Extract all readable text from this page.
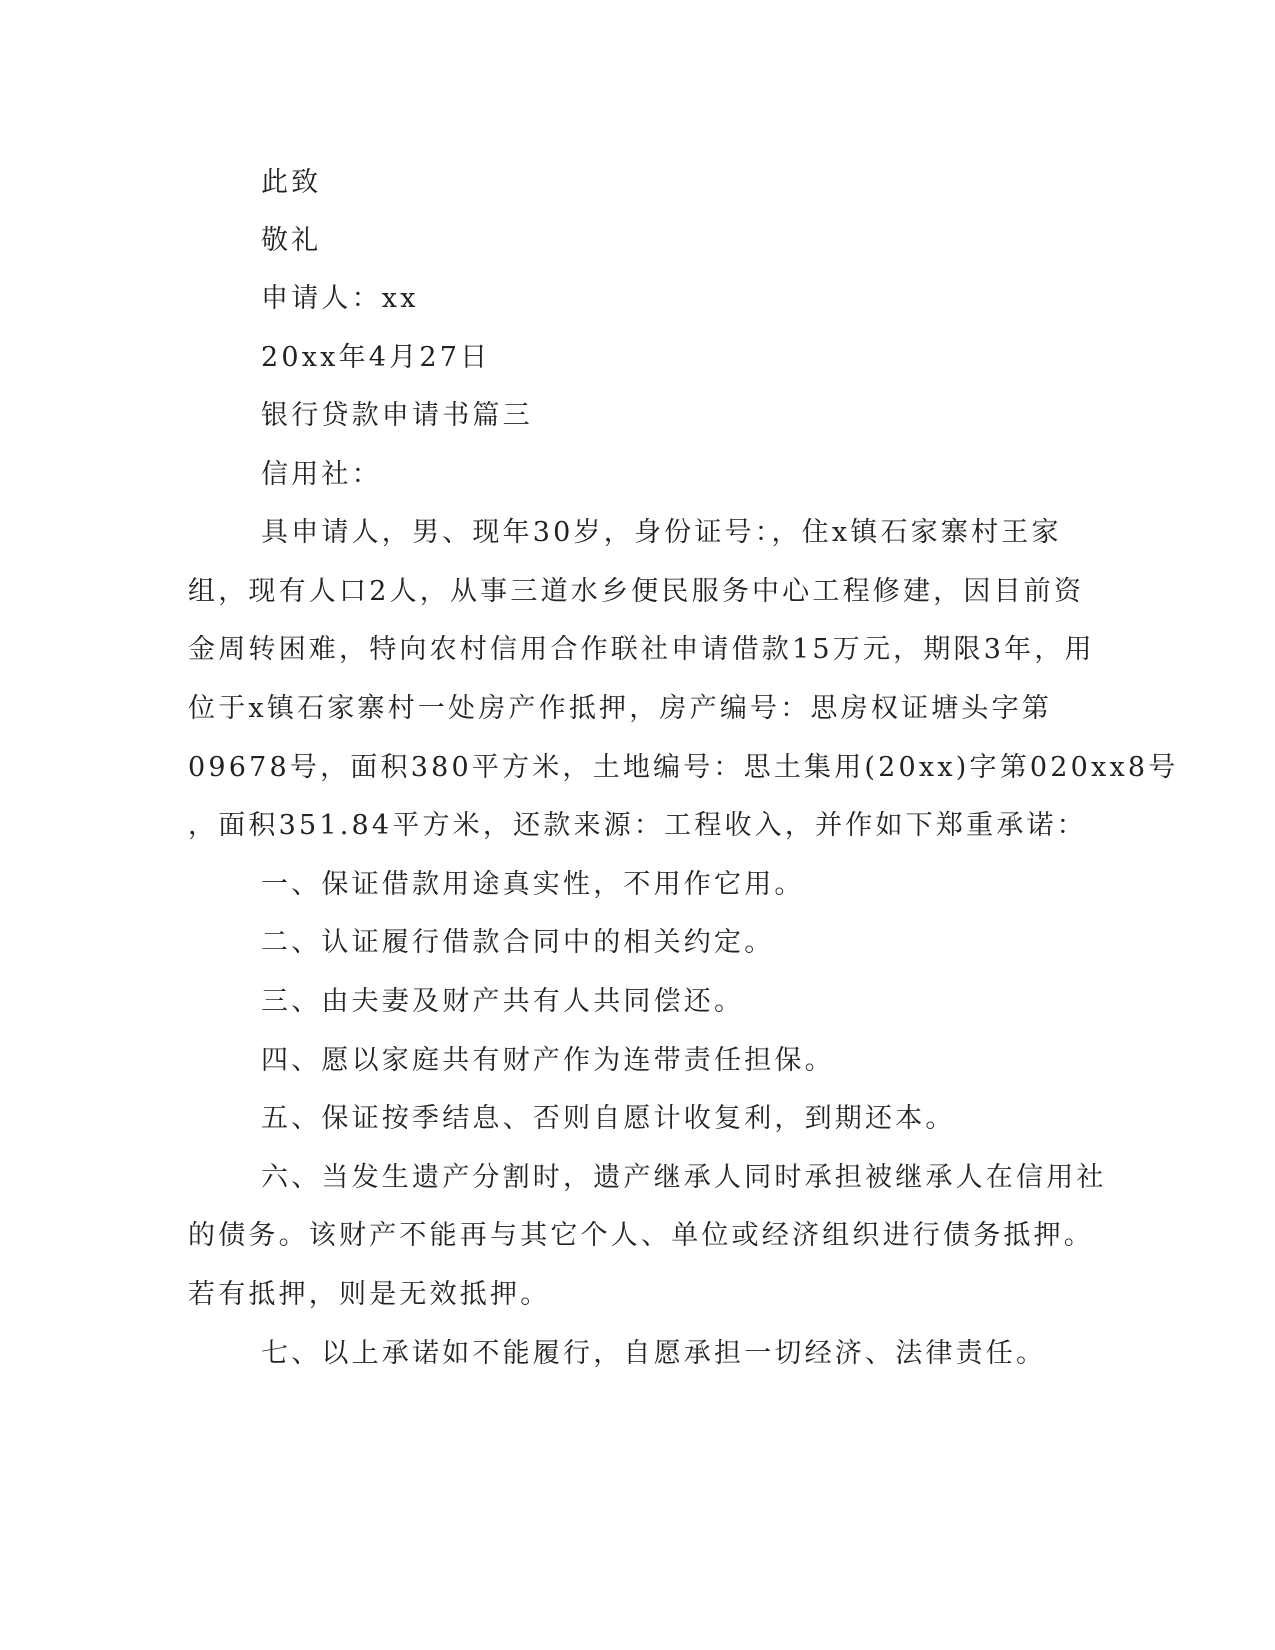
此致
敬礼
申请人：xx
20xx年4月27日
银行贷款申请书篇三
信用社：
具申请人，男、现年30岁，身份证号：，住x镇石家寨村王家
组，现有人口2人，从事三道水乡便民服务中心工程修建，因目前资
金周转困难，特向农村信用合作联社申请借款15万元，期限3年，用
位于x镇石家寨村一处房产作抵押，房产编号：思房权证塘头字第
09678号，面积380平方米，土地编号：思土集用(20xx)字第020xx8号
，面积351.84平方米，还款来源：工程收入，并作如下郑重承诺：
一、保证借款用途真实性，不用作它用。
二、认证履行借款合同中的相关约定。
三、由夫妻及财产共有人共同偿还。
四、愿以家庭共有财产作为连带责任担保。
五、保证按季结息、否则自愿计收复利，到期还本。
六、当发生遗产分割时，遗产继承人同时承担被继承人在信用社
的债务。该财产不能再与其它个人、单位或经济组织进行债务抵押。
若有抵押，则是无效抵押。
七、以上承诺如不能履行，自愿承担一切经济、法律责任。
